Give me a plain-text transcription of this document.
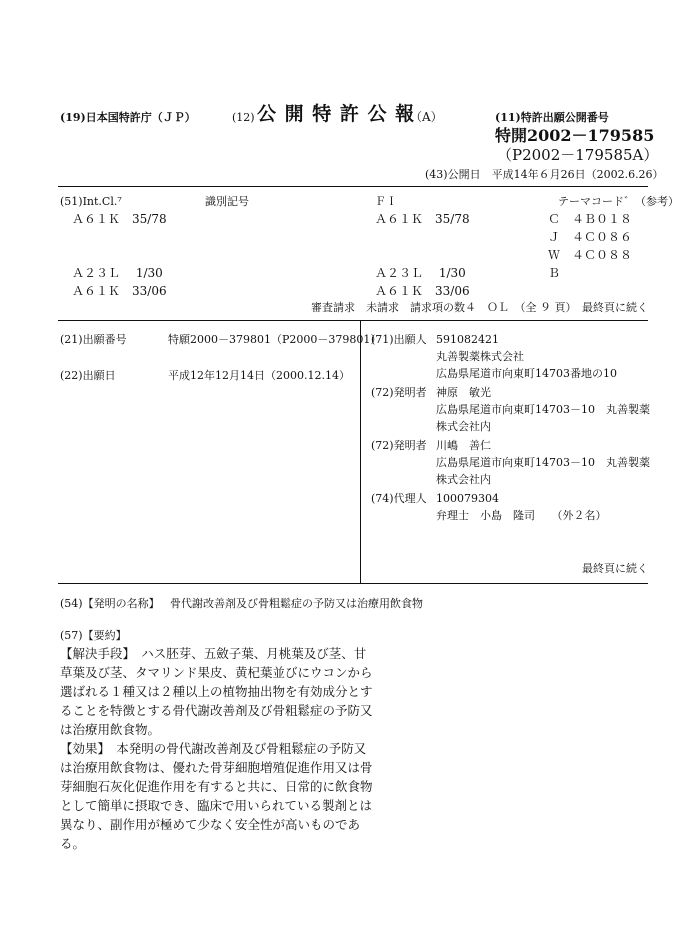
(19)日本国特許庁（ＪＰ）	(12) 公 開 特 許 公 報
（A）	(11)特許出願公開番号
特開2002－179585
（P2002－179585A）
(43)公開日　平成14年６月26日（2002.6.26）
(51)Int.Cl.⁷	識別記号	ＦＩ	テーマコード゛（参考）
Ａ６１Ｋ　35/78	Ａ６１Ｋ　35/78	Ｃ　４Ｂ０１８
Ｊ　４Ｃ０８６
Ｗ　４Ｃ０８８
Ａ２３Ｌ　 1/30	Ａ２３Ｌ　 1/30	Ｂ
Ａ６１Ｋ　33/06	Ａ６１Ｋ　33/06
審査請求　未請求　請求項の数４　ＯＬ　（全 ９ 頁）　最終頁に続く
(21)出願番号	特願2000－379801（P2000－379801）
(22)出願日	平成12年12月14日（2000.12.14）
(71)出願人 591082421
丸善製薬株式会社
広島県尾道市向東町14703番地の10
(72)発明者 神原　敏光
広島県尾道市向東町14703－10　丸善製薬
株式会社内
(72)発明者 川嶋　善仁
広島県尾道市向東町14703－10　丸善製薬
株式会社内
(74)代理人 100079304
弁理士　小島　隆司　　（外２名）
最終頁に続く
(54)【発明の名称】 骨代謝改善剤及び骨粗鬆症の予防又は治療用飲食物
(57)【要約】
【解決手段】　ハス胚芽、五斂子葉、月桃葉及び茎、甘
草葉及び茎、タマリンド果皮、黄杞葉並びにウコンから
選ばれる１種又は２種以上の植物抽出物を有効成分とす
ることを特徴とする骨代謝改善剤及び骨粗鬆症の予防又
は治療用飲食物。
【効果】　本発明の骨代謝改善剤及び骨粗鬆症の予防又
は治療用飲食物は、優れた骨芽細胞増殖促進作用又は骨
芽細胞石灰化促進作用を有すると共に、日常的に飲食物
として簡単に摂取でき、臨床で用いられている製剤とは
異なり、副作用が極めて少なく安全性が高いものであ
る。
